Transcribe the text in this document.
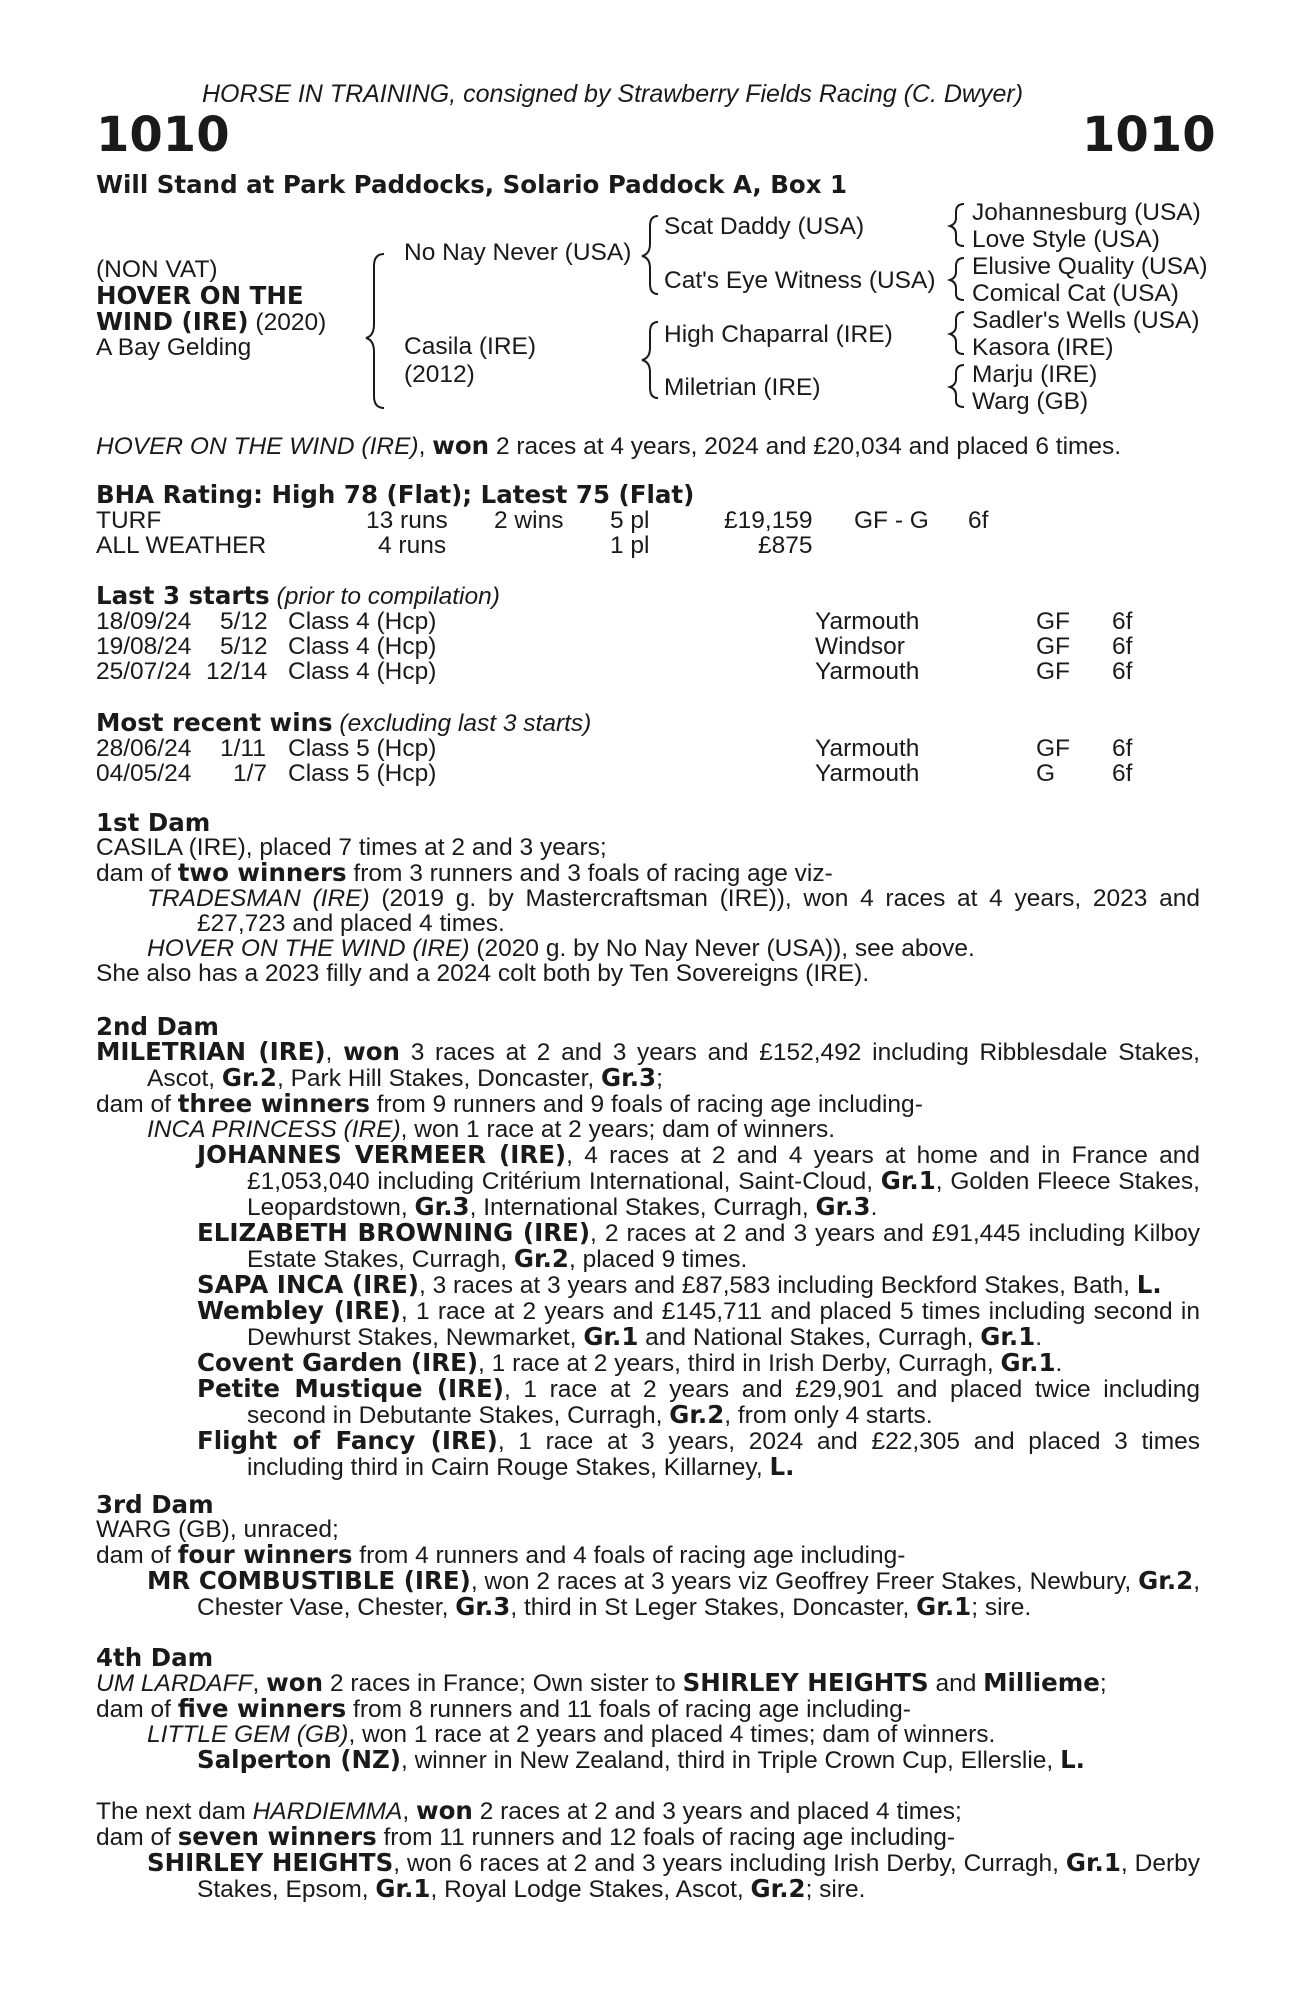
HORSE IN TRAINING, consigned by Strawberry Fields Racing (C. Dwyer)
1010	1010
Will Stand at Park Paddocks, Solario Paddock A, Box 1
(NON VAT)
HOVER ON THE
WIND (IRE) (2020)
A Bay Gelding
No Nay Never (USA)
Casila (IRE)
(2012)
Scat Daddy (USA)
Cat's Eye Witness (USA)
High Chaparral (IRE)
Miletrian (IRE)
Johannesburg (USA)
Love Style (USA)
Elusive Quality (USA)
Comical Cat (USA)
Sadler's Wells (USA)
Kasora (IRE)
Marju (IRE)
Warg (GB)
HOVER ON THE WIND (IRE), won 2 races at 4 years, 2024 and £20,034 and placed 6 times.
BHA Rating: High 78 (Flat); Latest 75 (Flat)
TURF	13 runs 2 wins 5 pl	£19,159 GF - G 6f
ALL WEATHER	4 runs	1 pl	£875
Last 3 starts (prior to compilation)
18/09/24 5/12 Class 4 (Hcp)	Yarmouth	GF 6f
19/08/24 5/12 Class 4 (Hcp)	Windsor	GF 6f
25/07/24 12/14 Class 4 (Hcp)	Yarmouth	GF 6f
Most recent wins (excluding last 3 starts)
28/06/24 1/11 Class 5 (Hcp)	Yarmouth	GF 6f
04/05/24 1/7 Class 5 (Hcp)	Yarmouth	G 6f
1st Dam
CASILA (IRE), placed 7 times at 2 and 3 years;
dam of two winners from 3 runners and 3 foals of racing age viz-
TRADESMAN (IRE) (2019 g. by Mastercraftsman (IRE)), won 4 races at 4 years, 2023 and £27,723 and placed 4 times.
HOVER ON THE WIND (IRE) (2020 g. by No Nay Never (USA)), see above.
She also has a 2023 filly and a 2024 colt both by Ten Sovereigns (IRE).
2nd Dam
MILETRIAN (IRE), won 3 races at 2 and 3 years and £152,492 including Ribblesdale Stakes, Ascot, Gr.2, Park Hill Stakes, Doncaster, Gr.3;
dam of three winners from 9 runners and 9 foals of racing age including-
INCA PRINCESS (IRE), won 1 race at 2 years; dam of winners.
JOHANNES VERMEER (IRE), 4 races at 2 and 4 years at home and in France and £1,053,040 including Critérium International, Saint-Cloud, Gr.1, Golden Fleece Stakes, Leopardstown, Gr.3, International Stakes, Curragh, Gr.3.
ELIZABETH BROWNING (IRE), 2 races at 2 and 3 years and £91,445 including Kilboy Estate Stakes, Curragh, Gr.2, placed 9 times.
SAPA INCA (IRE), 3 races at 3 years and £87,583 including Beckford Stakes, Bath, L.
Wembley (IRE), 1 race at 2 years and £145,711 and placed 5 times including second in Dewhurst Stakes, Newmarket, Gr.1 and National Stakes, Curragh, Gr.1.
Covent Garden (IRE), 1 race at 2 years, third in Irish Derby, Curragh, Gr.1.
Petite Mustique (IRE), 1 race at 2 years and £29,901 and placed twice including second in Debutante Stakes, Curragh, Gr.2, from only 4 starts.
Flight of Fancy (IRE), 1 race at 3 years, 2024 and £22,305 and placed 3 times including third in Cairn Rouge Stakes, Killarney, L.
3rd Dam
WARG (GB), unraced;
dam of four winners from 4 runners and 4 foals of racing age including-
MR COMBUSTIBLE (IRE), won 2 races at 3 years viz Geoffrey Freer Stakes, Newbury, Gr.2, Chester Vase, Chester, Gr.3, third in St Leger Stakes, Doncaster, Gr.1; sire.
4th Dam
UM LARDAFF, won 2 races in France; Own sister to SHIRLEY HEIGHTS and Millieme;
dam of five winners from 8 runners and 11 foals of racing age including-
LITTLE GEM (GB), won 1 race at 2 years and placed 4 times; dam of winners.
Salperton (NZ), winner in New Zealand, third in Triple Crown Cup, Ellerslie, L.
The next dam HARDIEMMA, won 2 races at 2 and 3 years and placed 4 times;
dam of seven winners from 11 runners and 12 foals of racing age including-
SHIRLEY HEIGHTS, won 6 races at 2 and 3 years including Irish Derby, Curragh, Gr.1, Derby Stakes, Epsom, Gr.1, Royal Lodge Stakes, Ascot, Gr.2; sire.
